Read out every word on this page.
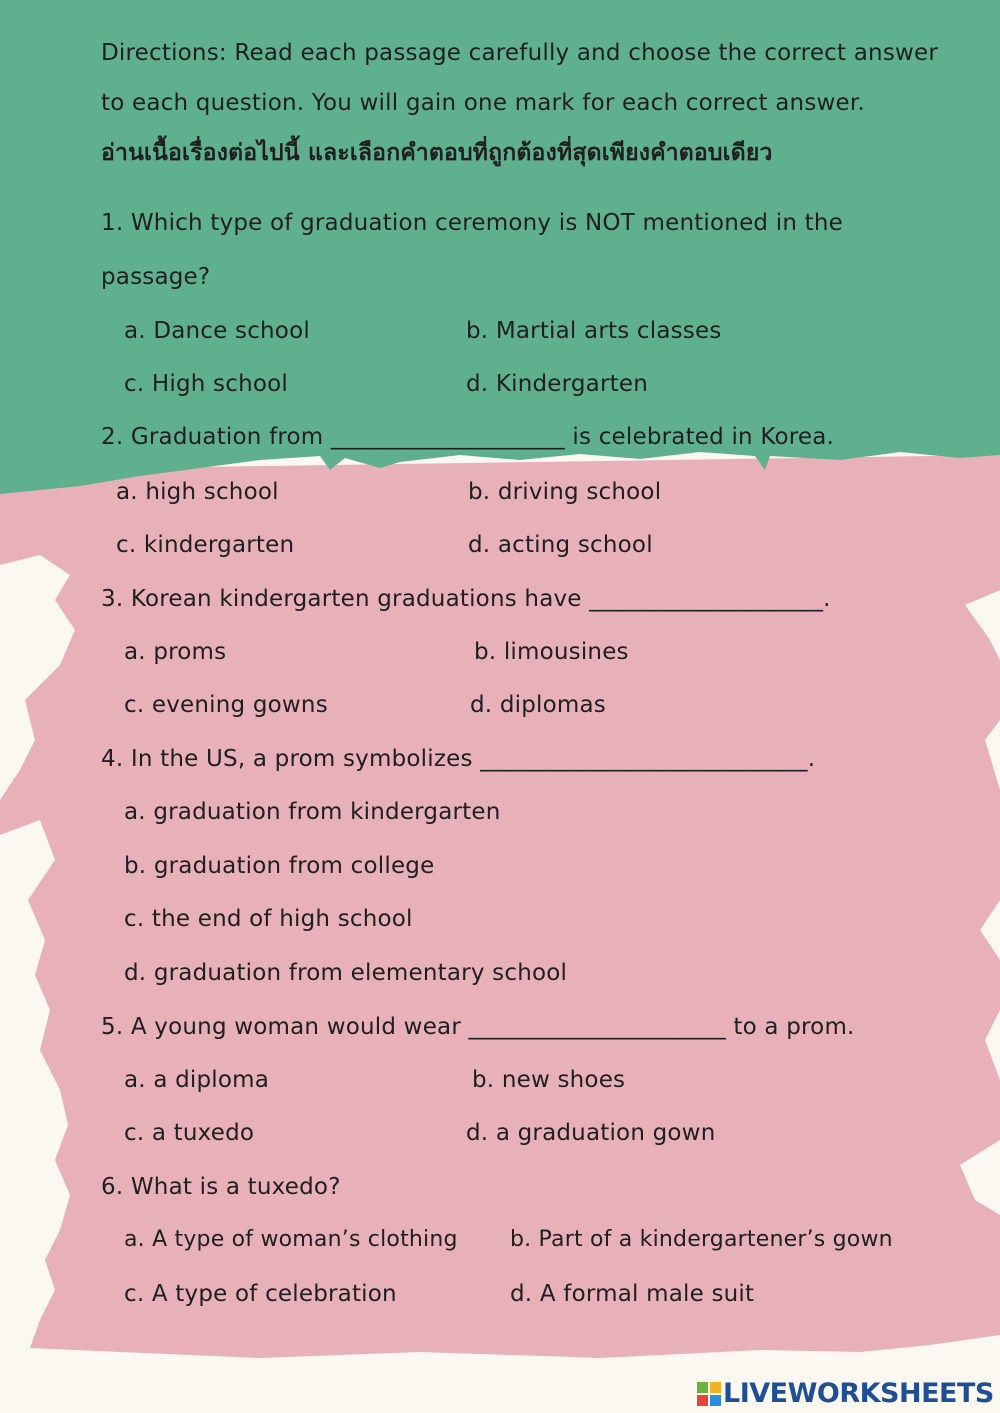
Directions: Read each passage carefully and choose the correct answer
to each question. You will gain one mark for each correct answer.
อ่านเนื้อเรื่องต่อไปนี้ และเลือกคำตอบที่ถูกต้องที่สุดเพียงคำตอบเดียว
1. Which type of graduation ceremony is NOT mentioned in the
passage?
a. Dance school	b. Martial arts classes
c. High school	d. Kindergarten
2. Graduation from ____________________ is celebrated in Korea.
a. high school	b. driving school
c. kindergarten	d. acting school
3. Korean kindergarten graduations have ____________________.
a. proms	b. limousines
c. evening gowns	d. diplomas
4. In the US, a prom symbolizes ____________________________.
a. graduation from kindergarten
b. graduation from college
c. the end of high school
d. graduation from elementary school
5. A young woman would wear ______________________ to a prom.
a. a diploma	b. new shoes
c. a tuxedo	d. a graduation gown
6. What is a tuxedo?
a. A type of woman’s clothing b. Part of a kindergartener’s gown
c. A type of celebration	d. A formal male suit
LIVEWORKSHEETS
